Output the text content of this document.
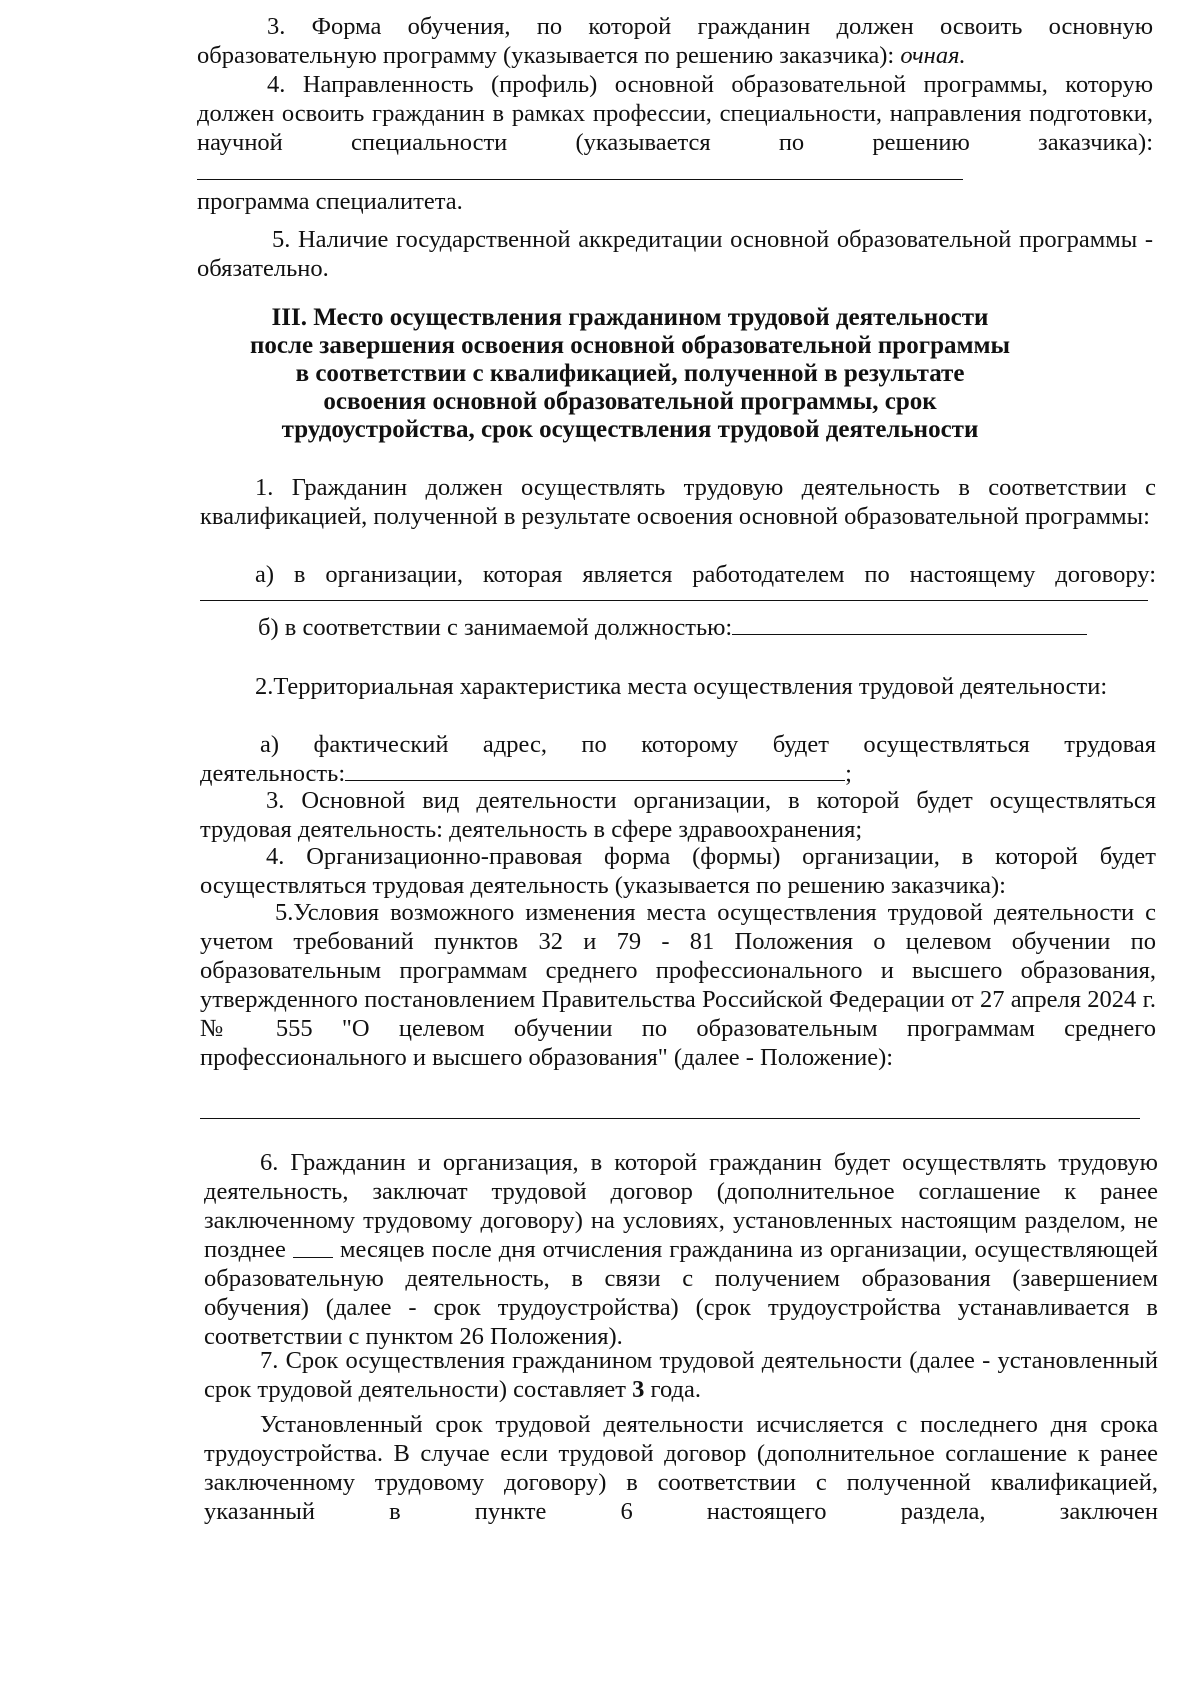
3. Форма обучения, по которой гражданин должен освоить основную образовательную программу (указывается по решению заказчика): очная.

4. Направленность (профиль) основной образовательной программы, которую должен освоить гражданин в рамках профессии, специальности, направления подготовки, научной специальности (указывается по решению	заказчика):

программа специалитета.

5. Наличие государственной аккредитации основной образовательной программы - обязательно.

III. Место осуществления гражданином трудовой деятельности
после завершения освоения основной образовательной программы
в соответствии с квалификацией, полученной в результате
освоения основной образовательной программы, срок
трудоустройства, срок осуществления трудовой деятельности

1. Гражданин должен осуществлять трудовую деятельность в соответствии с квалификацией, полученной в результате освоения основной образовательной программы:

а) в организации, которая является работодателем по настоящему договору:

б) в соответствии с занимаемой должностью:

2.Территориальная характеристика места осуществления трудовой деятельности:

а) фактический адрес, по которому будет осуществляться трудовая

деятельность:	;

3. Основной вид деятельности организации, в которой будет осуществляться трудовая деятельность: деятельность в сфере здравоохранения;

4. Организационно-правовая форма (формы) организации, в которой будет осуществляться трудовая деятельность (указывается по решению заказчика):

5.Условия возможного изменения места осуществления трудовой деятельности с учетом требований пунктов 32 и 79 - 81 Положения о целевом обучении по образовательным программам среднего профессионального и высшего образования, утвержденного постановлением Правительства Российской Федерации от 27 апреля 2024 г. № 555 "О целевом обучении по образовательным программам среднего профессионального и высшего образования" (далее - Положение):

6. Гражданин и организация, в которой гражданин будет осуществлять трудовую деятельность, заключат трудовой договор (дополнительное соглашение к ранее заключенному трудовому договору) на условиях, установленных настоящим разделом, не позднее месяцев после дня отчисления гражданина из организации, осуществляющей образовательную деятельность, в связи с получением образования (завершением обучения) (далее - срок трудоустройства) (срок трудоустройства устанавливается в соответствии с пунктом 26 Положения).

7. Срок осуществления гражданином трудовой деятельности (далее - установленный срок трудовой деятельности) составляет 3 года.

Установленный срок трудовой деятельности исчисляется с последнего дня срока трудоустройства. В случае если трудовой договор (дополнительное соглашение к ранее заключенному трудовому договору) в соответствии с полученной квалификацией, указанный в пункте 6 настоящего раздела, заключен
